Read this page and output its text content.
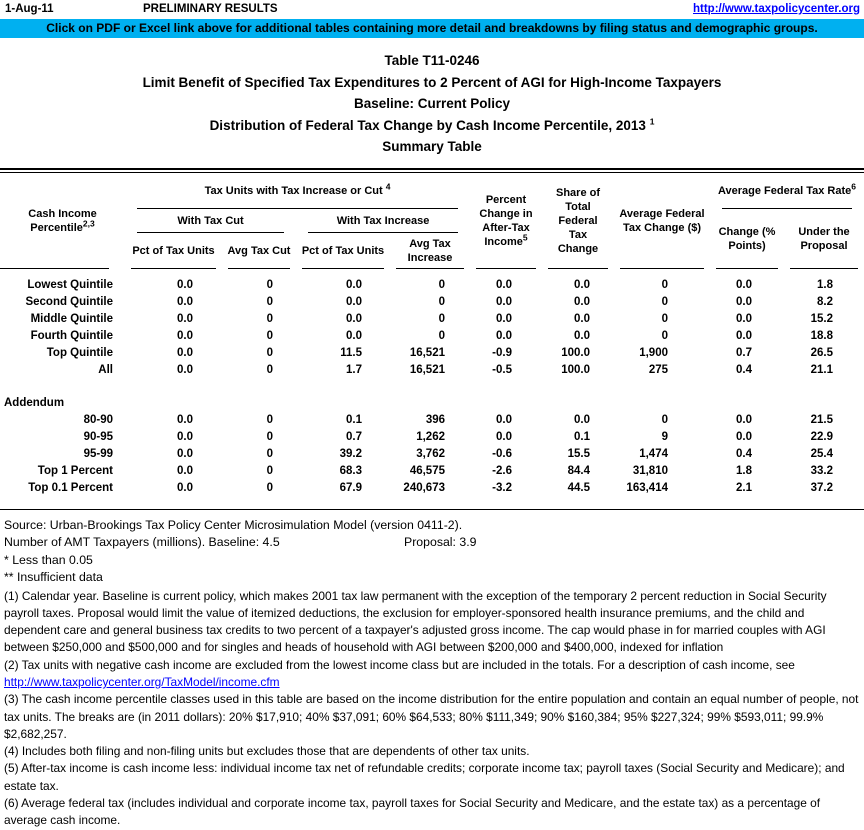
1-Aug-11	PRELIMINARY RESULTS	http://www.taxpolicycenter.org
Click on PDF or Excel link above for additional tables containing more detail and breakdowns by filing status and demographic groups.
Table T11-0246
Limit Benefit of Specified Tax Expenditures to 2 Percent of AGI for High-Income Taxpayers
Baseline: Current Policy
Distribution of Federal Tax Change by Cash Income Percentile, 2013 $^1$
Summary Table
Cash Income Percentile$^{2,3}$	Tax Units with Tax Increase or Cut $^4$				Percent Change in After-Tax Income$^5$	Share of Total Federal Tax Change	Average Federal Tax Change ($)	Average Federal Tax Rate$^6$
	With Tax Cut		With Tax Increase					Change (% Points)	Under the Proposal
	Pct of Tax Units	Avg Tax Cut	Pct of Tax Units	Avg Tax Increase					

Lowest Quintile	0.0	0	0.0	0	0.0	0.0	0	0.0	1.8
Second Quintile	0.0	0	0.0	0	0.0	0.0	0	0.0	8.2
Middle Quintile	0.0	0	0.0	0	0.0	0.0	0	0.0	15.2
Fourth Quintile	0.0	0	0.0	0	0.0	0.0	0	0.0	18.8
Top Quintile	0.0	0	11.5	16,521	-0.9	100.0	1,900	0.7	26.5
All	0.0	0	1.7	16,521	-0.5	100.0	275	0.4	21.1

Addendum									
80-90	0.0	0	0.1	396	0.0	0.0	0	0.0	21.5
90-95	0.0	0	0.7	1,262	0.0	0.1	9	0.0	22.9
95-99	0.0	0	39.2	3,762	-0.6	15.5	1,474	0.4	25.4
Top 1 Percent	0.0	0	68.3	46,575	-2.6	84.4	31,810	1.8	33.2
Top 0.1 Percent	0.0	0	67.9	240,673	-3.2	44.5	163,414	2.1	37.2

Source: Urban-Brookings Tax Policy Center Microsimulation Model (version 0411-2).
Number of AMT Taxpayers (millions). Baseline: 4.5	Proposal: 3.9
* Less than 0.05
** Insufficient data
(1) Calendar year. Baseline is current policy, which makes 2001 tax law permanent with the exception of the temporary 2 percent reduction in Social Security payroll taxes. Proposal would limit the value of itemized deductions, the exclusion for employer-sponsored health insurance premiums, and the child and dependent care and general business tax credits to two percent of a taxpayer's adjusted gross income. The cap would phase in for married couples with AGI between $250,000 and $500,000 and for singles and heads of household with AGI between $200,000 and $400,000, indexed for inflation
(2) Tax units with negative cash income are excluded from the lowest income class but are included in the totals. For a description of cash income, see
http://www.taxpolicycenter.org/TaxModel/income.cfm
(3) The cash income percentile classes used in this table are based on the income distribution for the entire population and contain an equal number of people, not tax units. The breaks are (in 2011 dollars): 20% $17,910; 40% $37,091; 60% $64,533; 80% $111,349; 90% $160,384; 95% $227,324; 99% $593,011; 99.9% $2,682,257.
(4) Includes both filing and non-filing units but excludes those that are dependents of other tax units.
(5) After-tax income is cash income less: individual income tax net of refundable credits; corporate income tax; payroll taxes (Social Security and Medicare); and estate tax.
(6) Average federal tax (includes individual and corporate income tax, payroll taxes for Social Security and Medicare, and the estate tax) as a percentage of average cash income.
